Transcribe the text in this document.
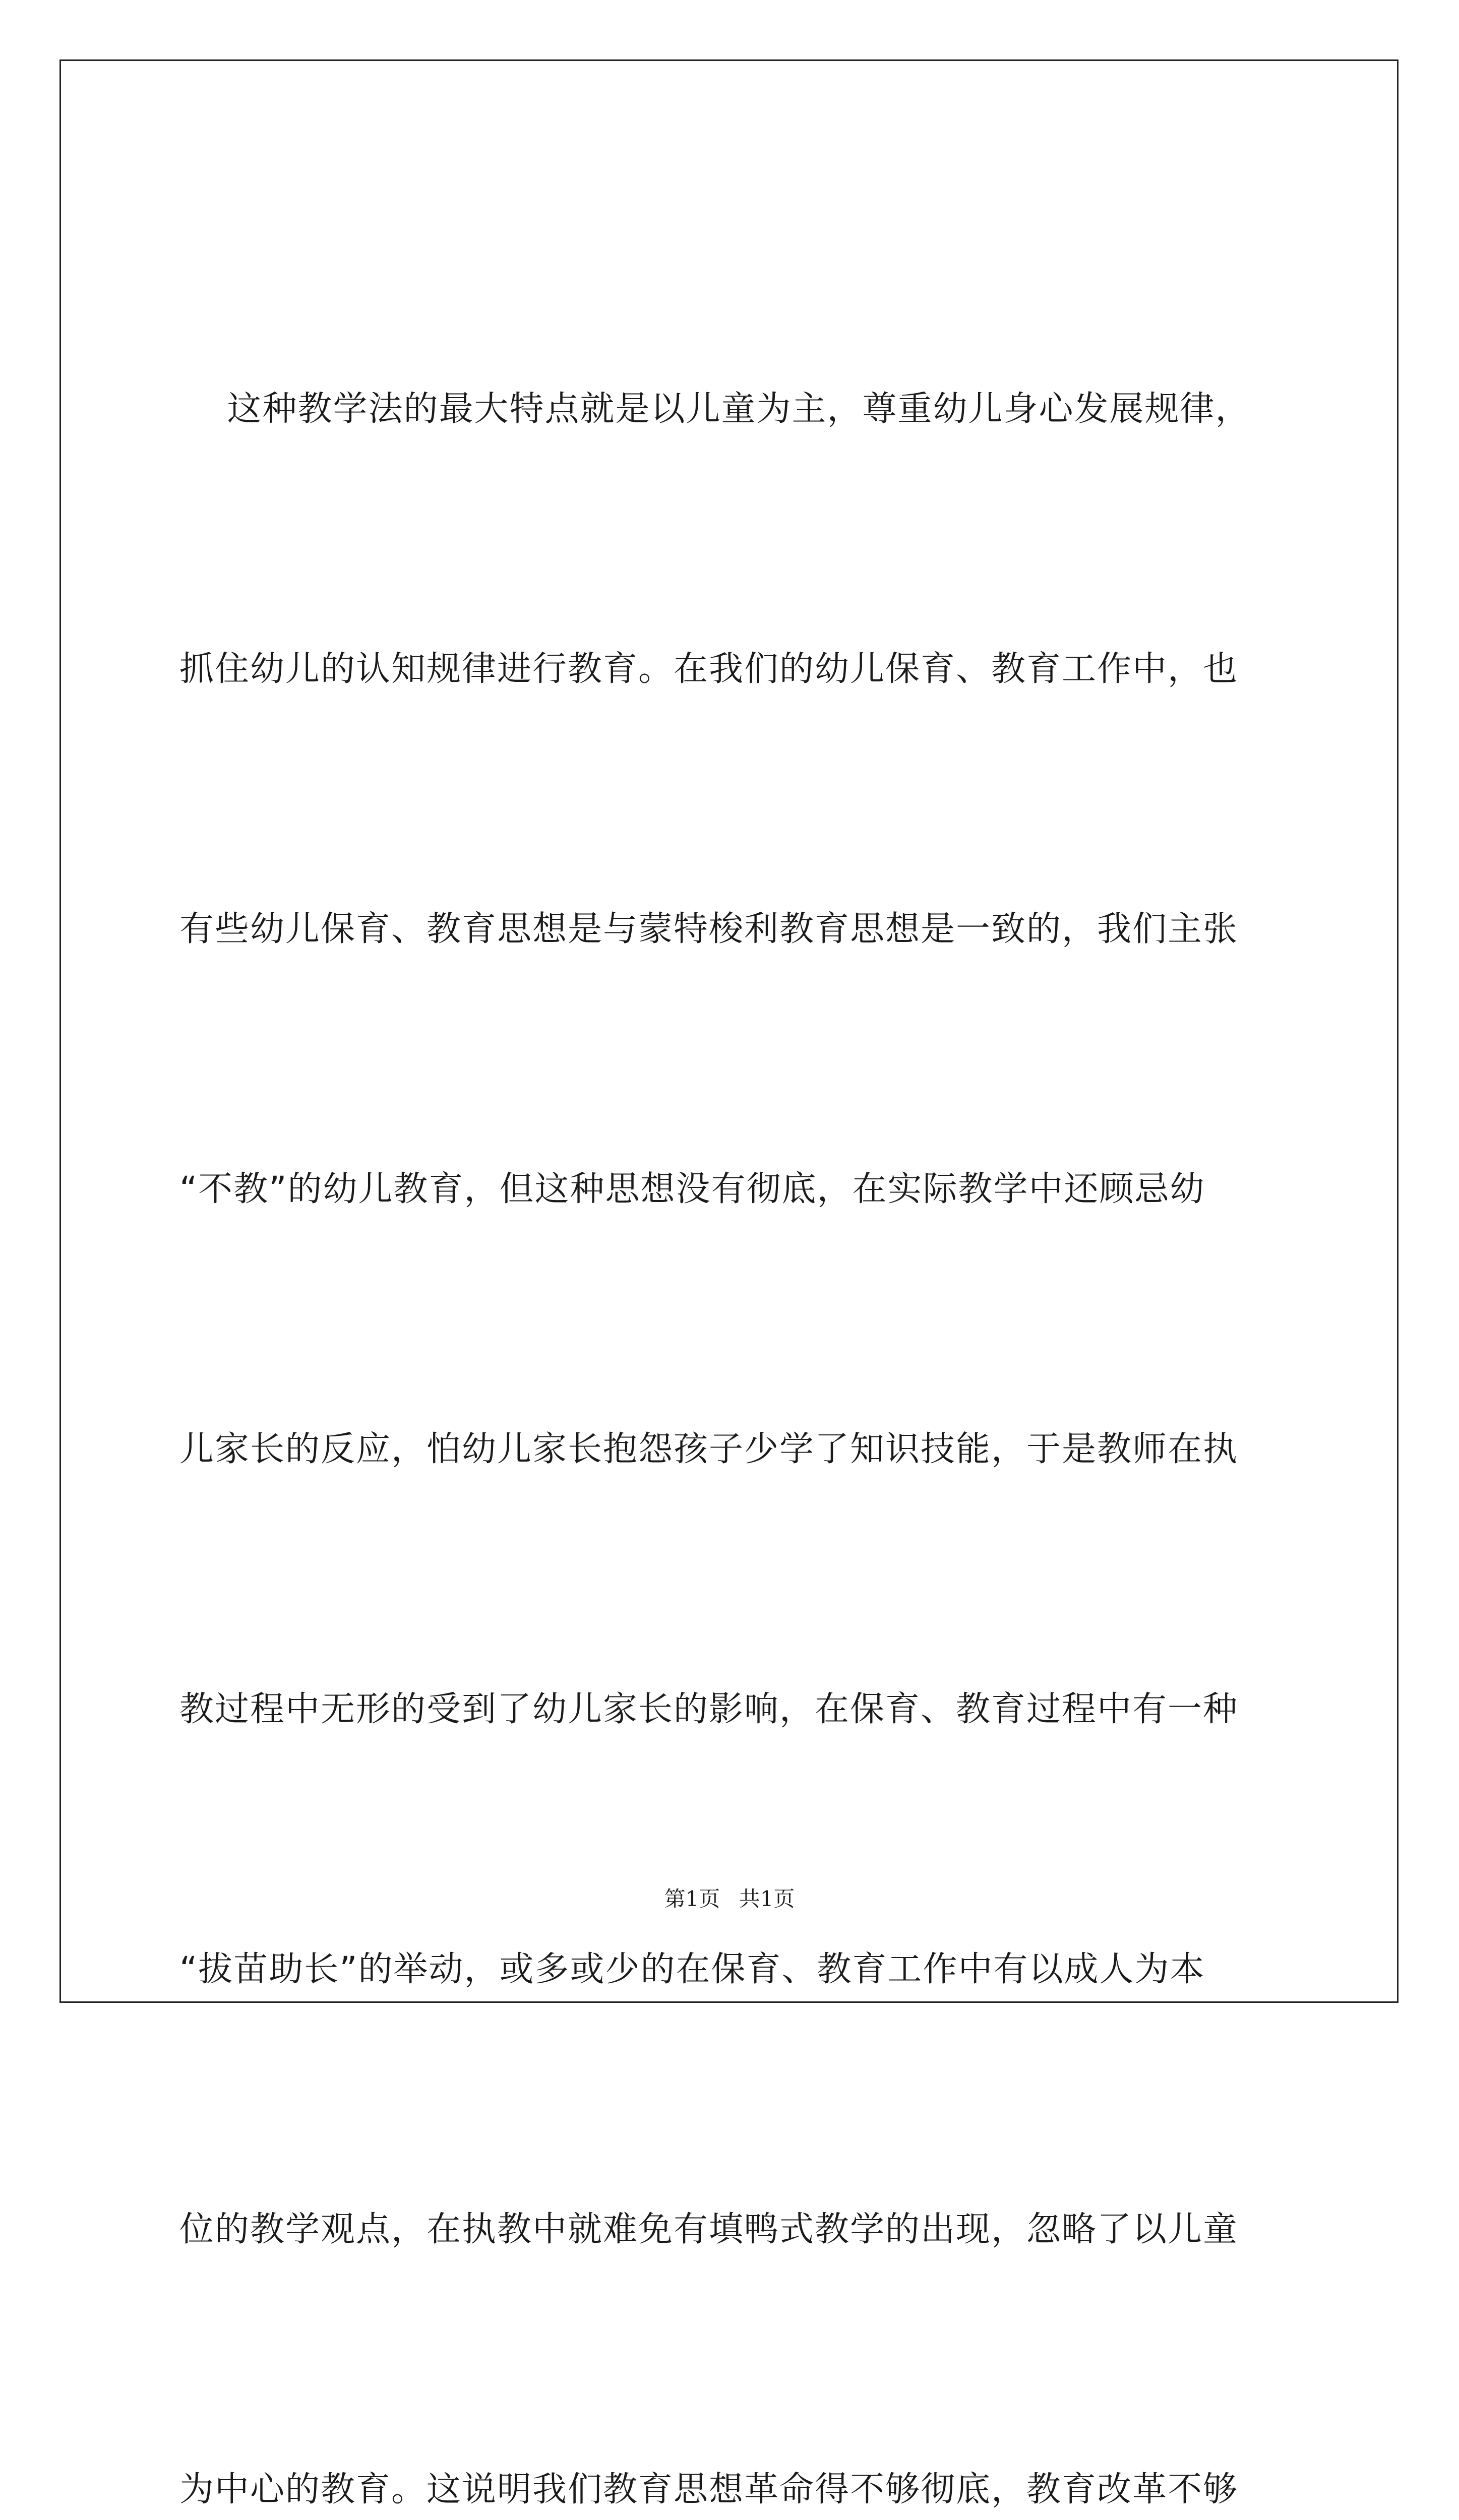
这种教学法的最大特点就是以儿童为主，尊重幼儿身心发展规律，

抓住幼儿的认知规律进行教育。在我们的幼儿保育、教育工作中，也

有些幼儿保育、教育思想是与蒙特梭利教育思想是一致的，我们主张

“不教”的幼儿教育，但这种思想没有彻底，在实际教学中还顾忌幼

儿家长的反应，怕幼儿家长抱怨孩子少学了知识技能，于是教师在执

教过程中无形的受到了幼儿家长的影响，在保育、教育过程中有一种

“拔苗助长”的举动，或多或少的在保育、教育工作中有以成人为本

位的教学观点，在执教中就难免有填鸭式教学的出现，忽略了以儿童

为中心的教育。这说明我们教育思想革命得不够彻底，教育改革不够

第1页 共1页
